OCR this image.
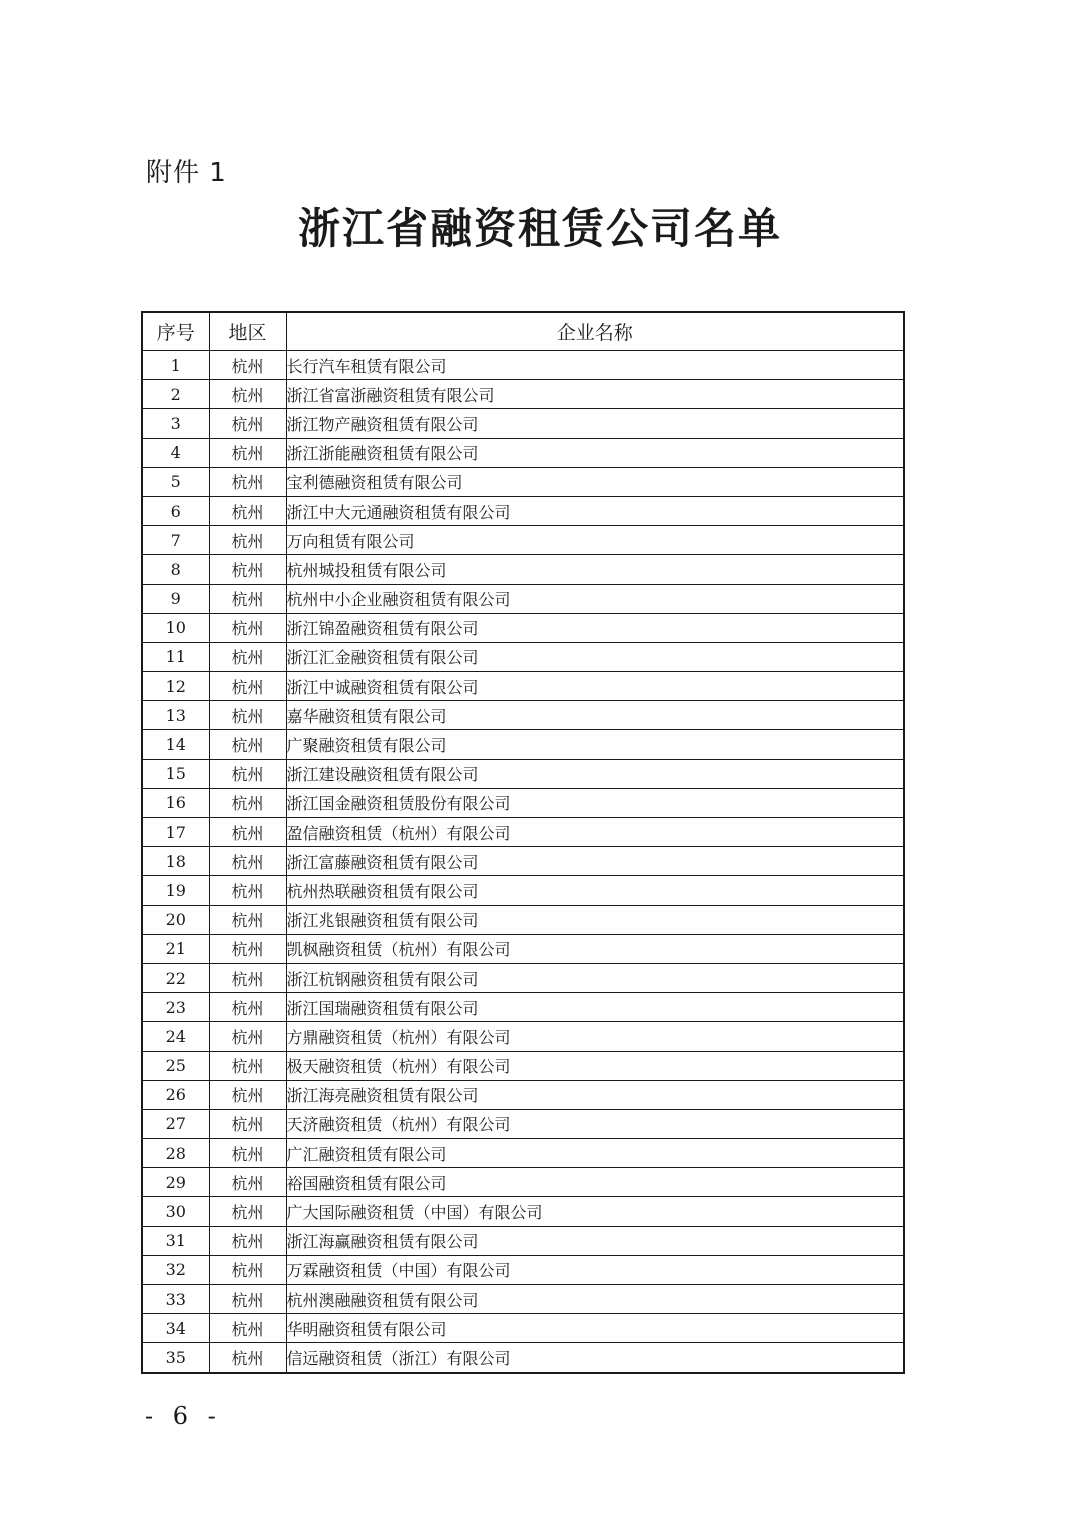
附件 1
浙江省融资租赁公司名单
序号	地区	企业名称
1	杭州	长行汽车租赁有限公司
2	杭州	浙江省富浙融资租赁有限公司
3	杭州	浙江物产融资租赁有限公司
4	杭州	浙江浙能融资租赁有限公司
5	杭州	宝利德融资租赁有限公司
6	杭州	浙江中大元通融资租赁有限公司
7	杭州	万向租赁有限公司
8	杭州	杭州城投租赁有限公司
9	杭州	杭州中小企业融资租赁有限公司
10	杭州	浙江锦盈融资租赁有限公司
11	杭州	浙江汇金融资租赁有限公司
12	杭州	浙江中诚融资租赁有限公司
13	杭州	嘉华融资租赁有限公司
14	杭州	广聚融资租赁有限公司
15	杭州	浙江建设融资租赁有限公司
16	杭州	浙江国金融资租赁股份有限公司
17	杭州	盈信融资租赁（杭州）有限公司
18	杭州	浙江富藤融资租赁有限公司
19	杭州	杭州热联融资租赁有限公司
20	杭州	浙江兆银融资租赁有限公司
21	杭州	凯枫融资租赁（杭州）有限公司
22	杭州	浙江杭钢融资租赁有限公司
23	杭州	浙江国瑞融资租赁有限公司
24	杭州	方鼎融资租赁（杭州）有限公司
25	杭州	极天融资租赁（杭州）有限公司
26	杭州	浙江海亮融资租赁有限公司
27	杭州	天济融资租赁（杭州）有限公司
28	杭州	广汇融资租赁有限公司
29	杭州	裕国融资租赁有限公司
30	杭州	广大国际融资租赁（中国）有限公司
31	杭州	浙江海赢融资租赁有限公司
32	杭州	万霖融资租赁（中国）有限公司
33	杭州	杭州澳融融资租赁有限公司
34	杭州	华明融资租赁有限公司
35	杭州	信远融资租赁（浙江）有限公司
- 6 -
